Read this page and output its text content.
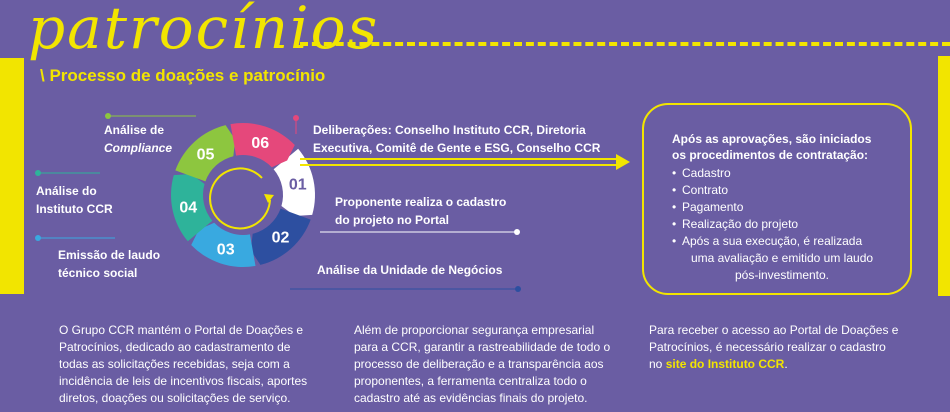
patrocínios
\ Processo de doações e patrocínio
01
02
03
04
05
06
Análise de
Compliance
Análise do
Instituto CCR
Emissão de laudo
técnico social
Deliberações: Conselho Instituto CCR, Diretoria
Executiva, Comitê de Gente e ESG, Conselho CCR
Proponente realiza o cadastro
do projeto no Portal
Análise da Unidade de Negócios
Após as aprovações, são iniciados
os procedimentos de contratação:
• Cadastro
• Contrato
• Pagamento
• Realização do projeto
• Após a sua execução, é realizada
uma avaliação e emitido um laudo
pós-investimento.
O Grupo CCR mantém o Portal de Doações e
Patrocínios, dedicado ao cadastramento de
todas as solicitações recebidas, seja com a
incidência de leis de incentivos fiscais, aportes
diretos, doações ou solicitações de serviço.
Além de proporcionar segurança empresarial
para a CCR, garantir a rastreabilidade de todo o
processo de deliberação e a transparência aos
proponentes, a ferramenta centraliza todo o
cadastro até as evidências finais do projeto.
Para receber o acesso ao Portal de Doações e
Patrocínios, é necessário realizar o cadastro
no site do Instituto CCR.
